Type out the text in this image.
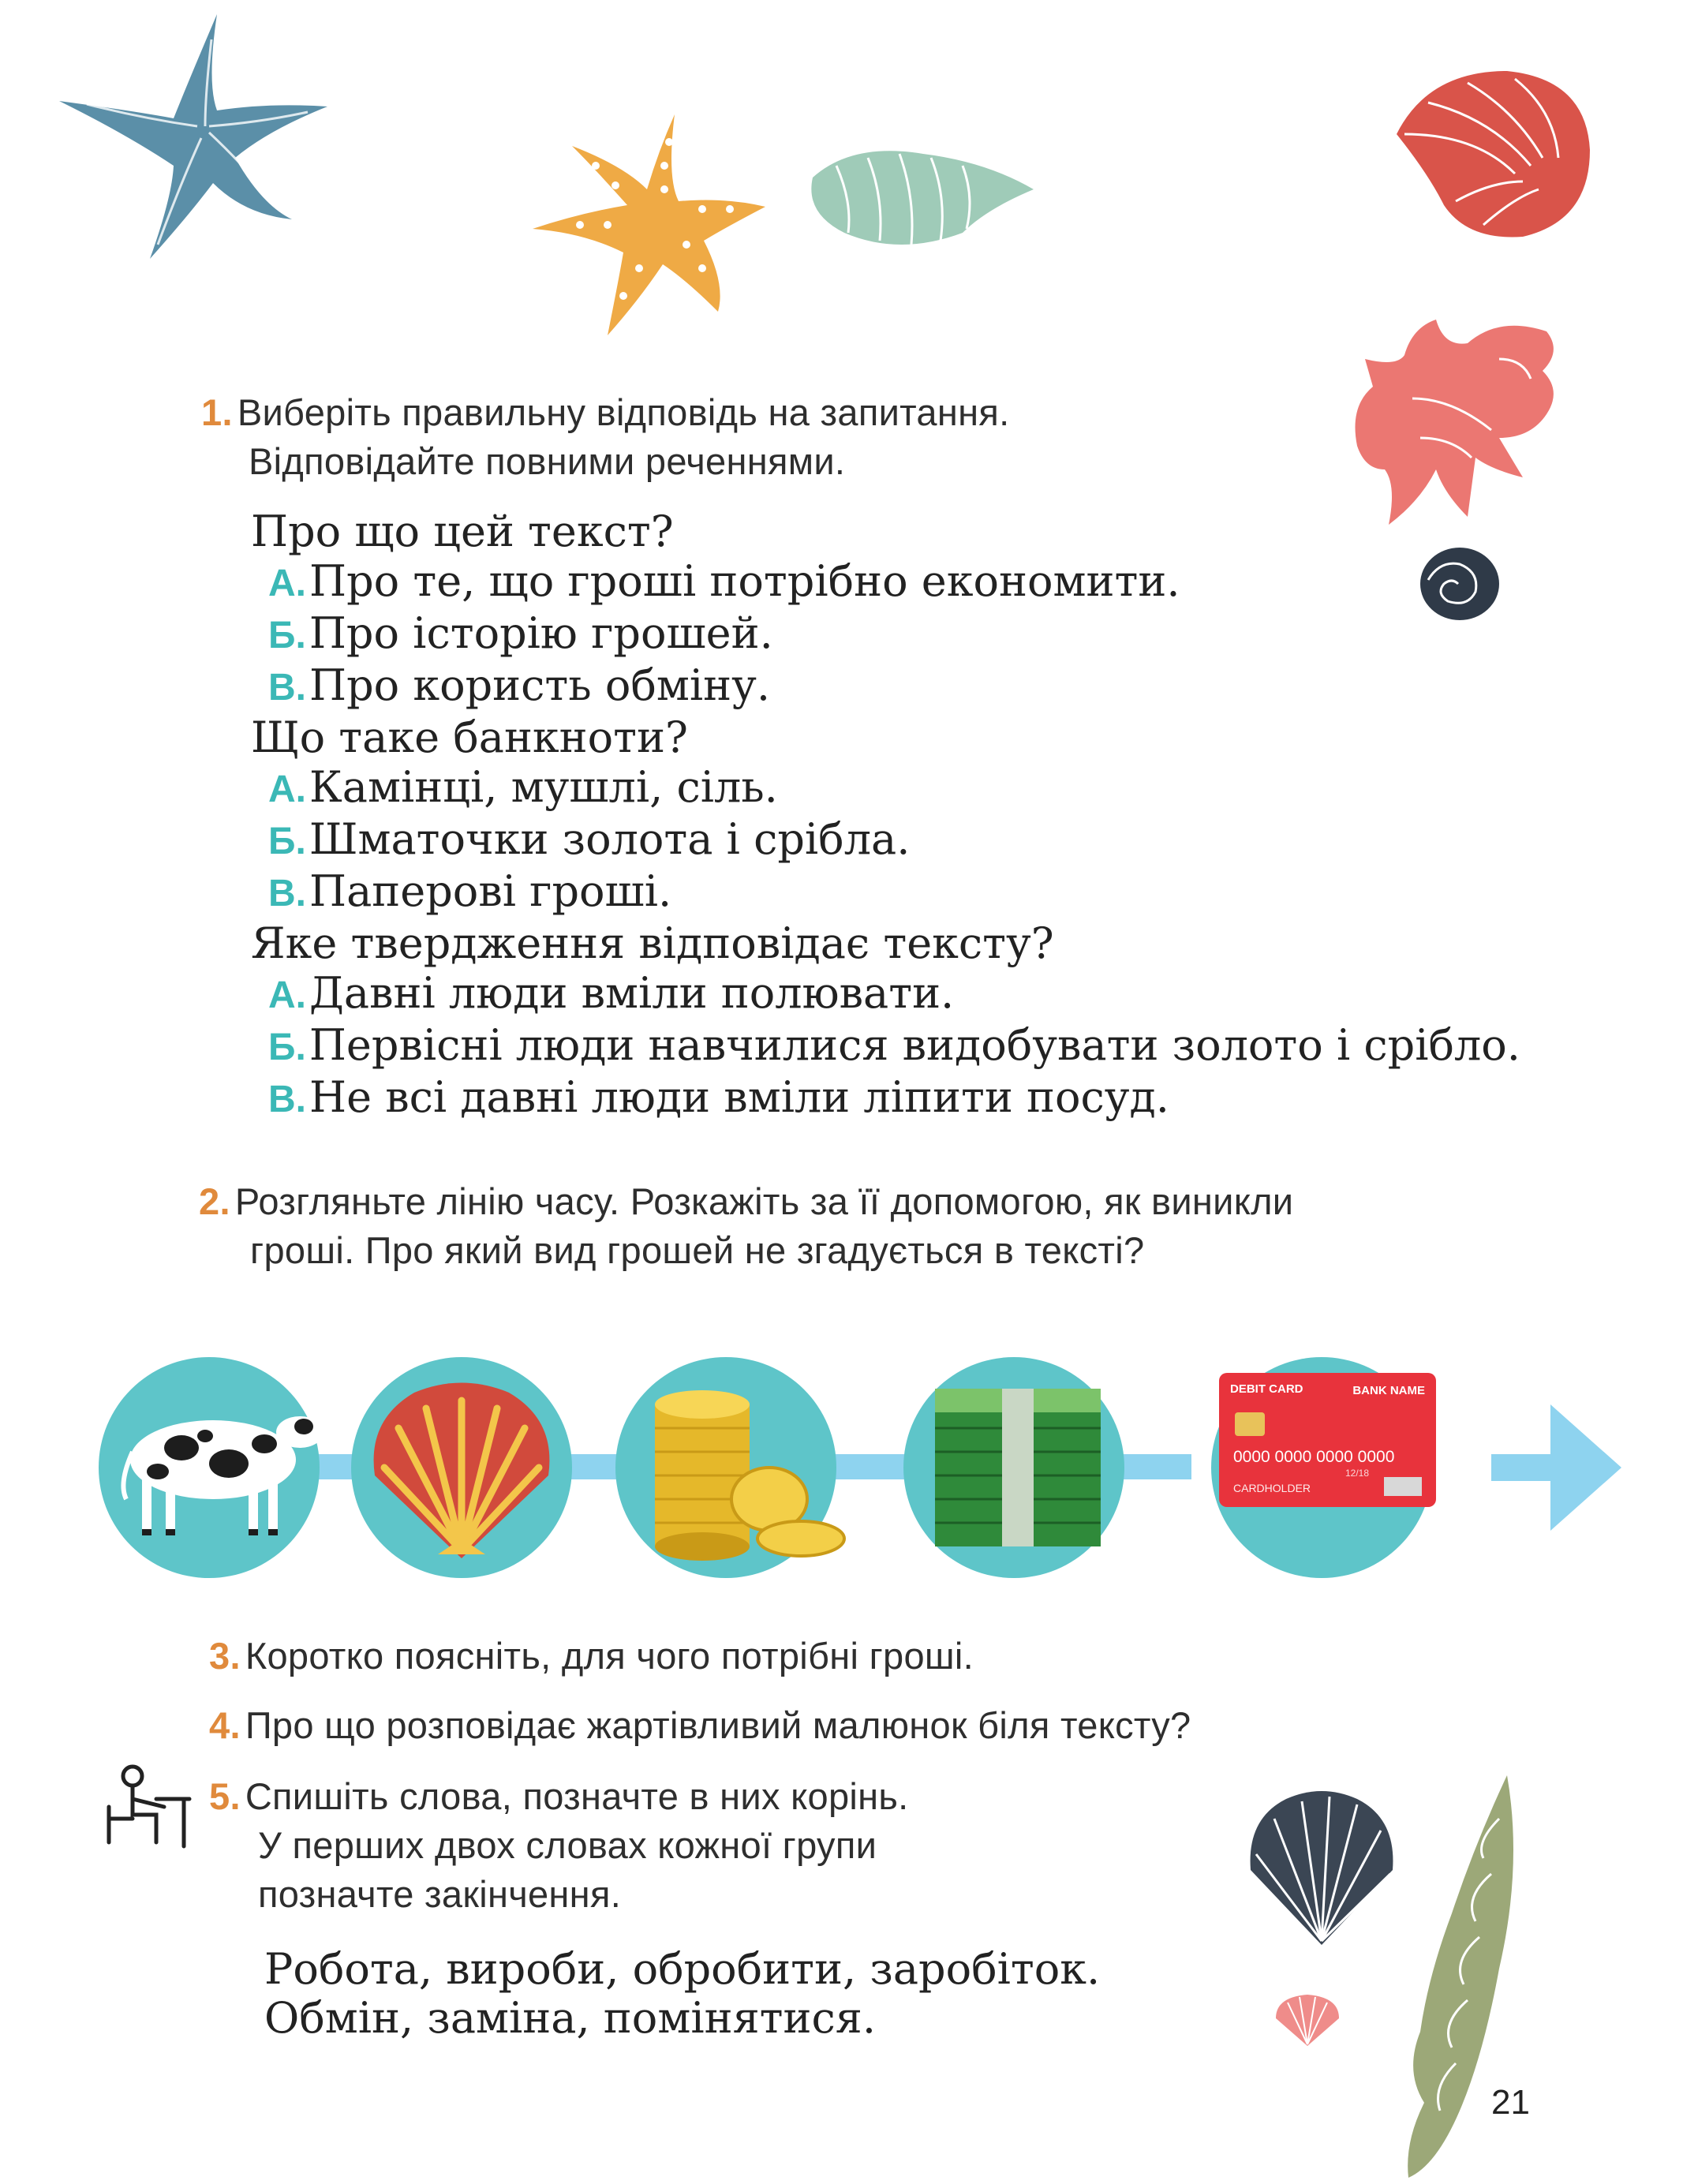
1. Виберіть правильну відповідь на запитання.
Відповідайте повними реченнями.
Про що цей текст?
А.Про те, що гроші потрібно економити.
Б.Про історію грошей.
В.Про користь обміну.
Що таке банкноти?
А.Камінці, мушлі, сіль.
Б.Шматочки золота і срібла.
В.Паперові гроші.
Яке твердження відповідає тексту?
А.Давні люди вміли полювати.
Б.Первісні люди навчилися видобувати золото і срібло.
В.Не всі давні люди вміли ліпити посуд.
2. Розгляньте лінію часу. Розкажіть за її допомогою, як виникли
гроші. Про який вид грошей не згадується в тексті?
DEBIT CARD	BANK NAME
0000 0000 0000 0000
12/18
CARDHOLDER
3. Коротко поясніть, для чого потрібні гроші.
4. Про що розповідає жартівливий малюнок біля тексту?
5. Спишіть слова, позначте в них корінь.
У перших двох словах кожної групи
позначте закінчення.
Робота, вироби, обробити, заробіток.
Обмін, заміна, помінятися.
21
